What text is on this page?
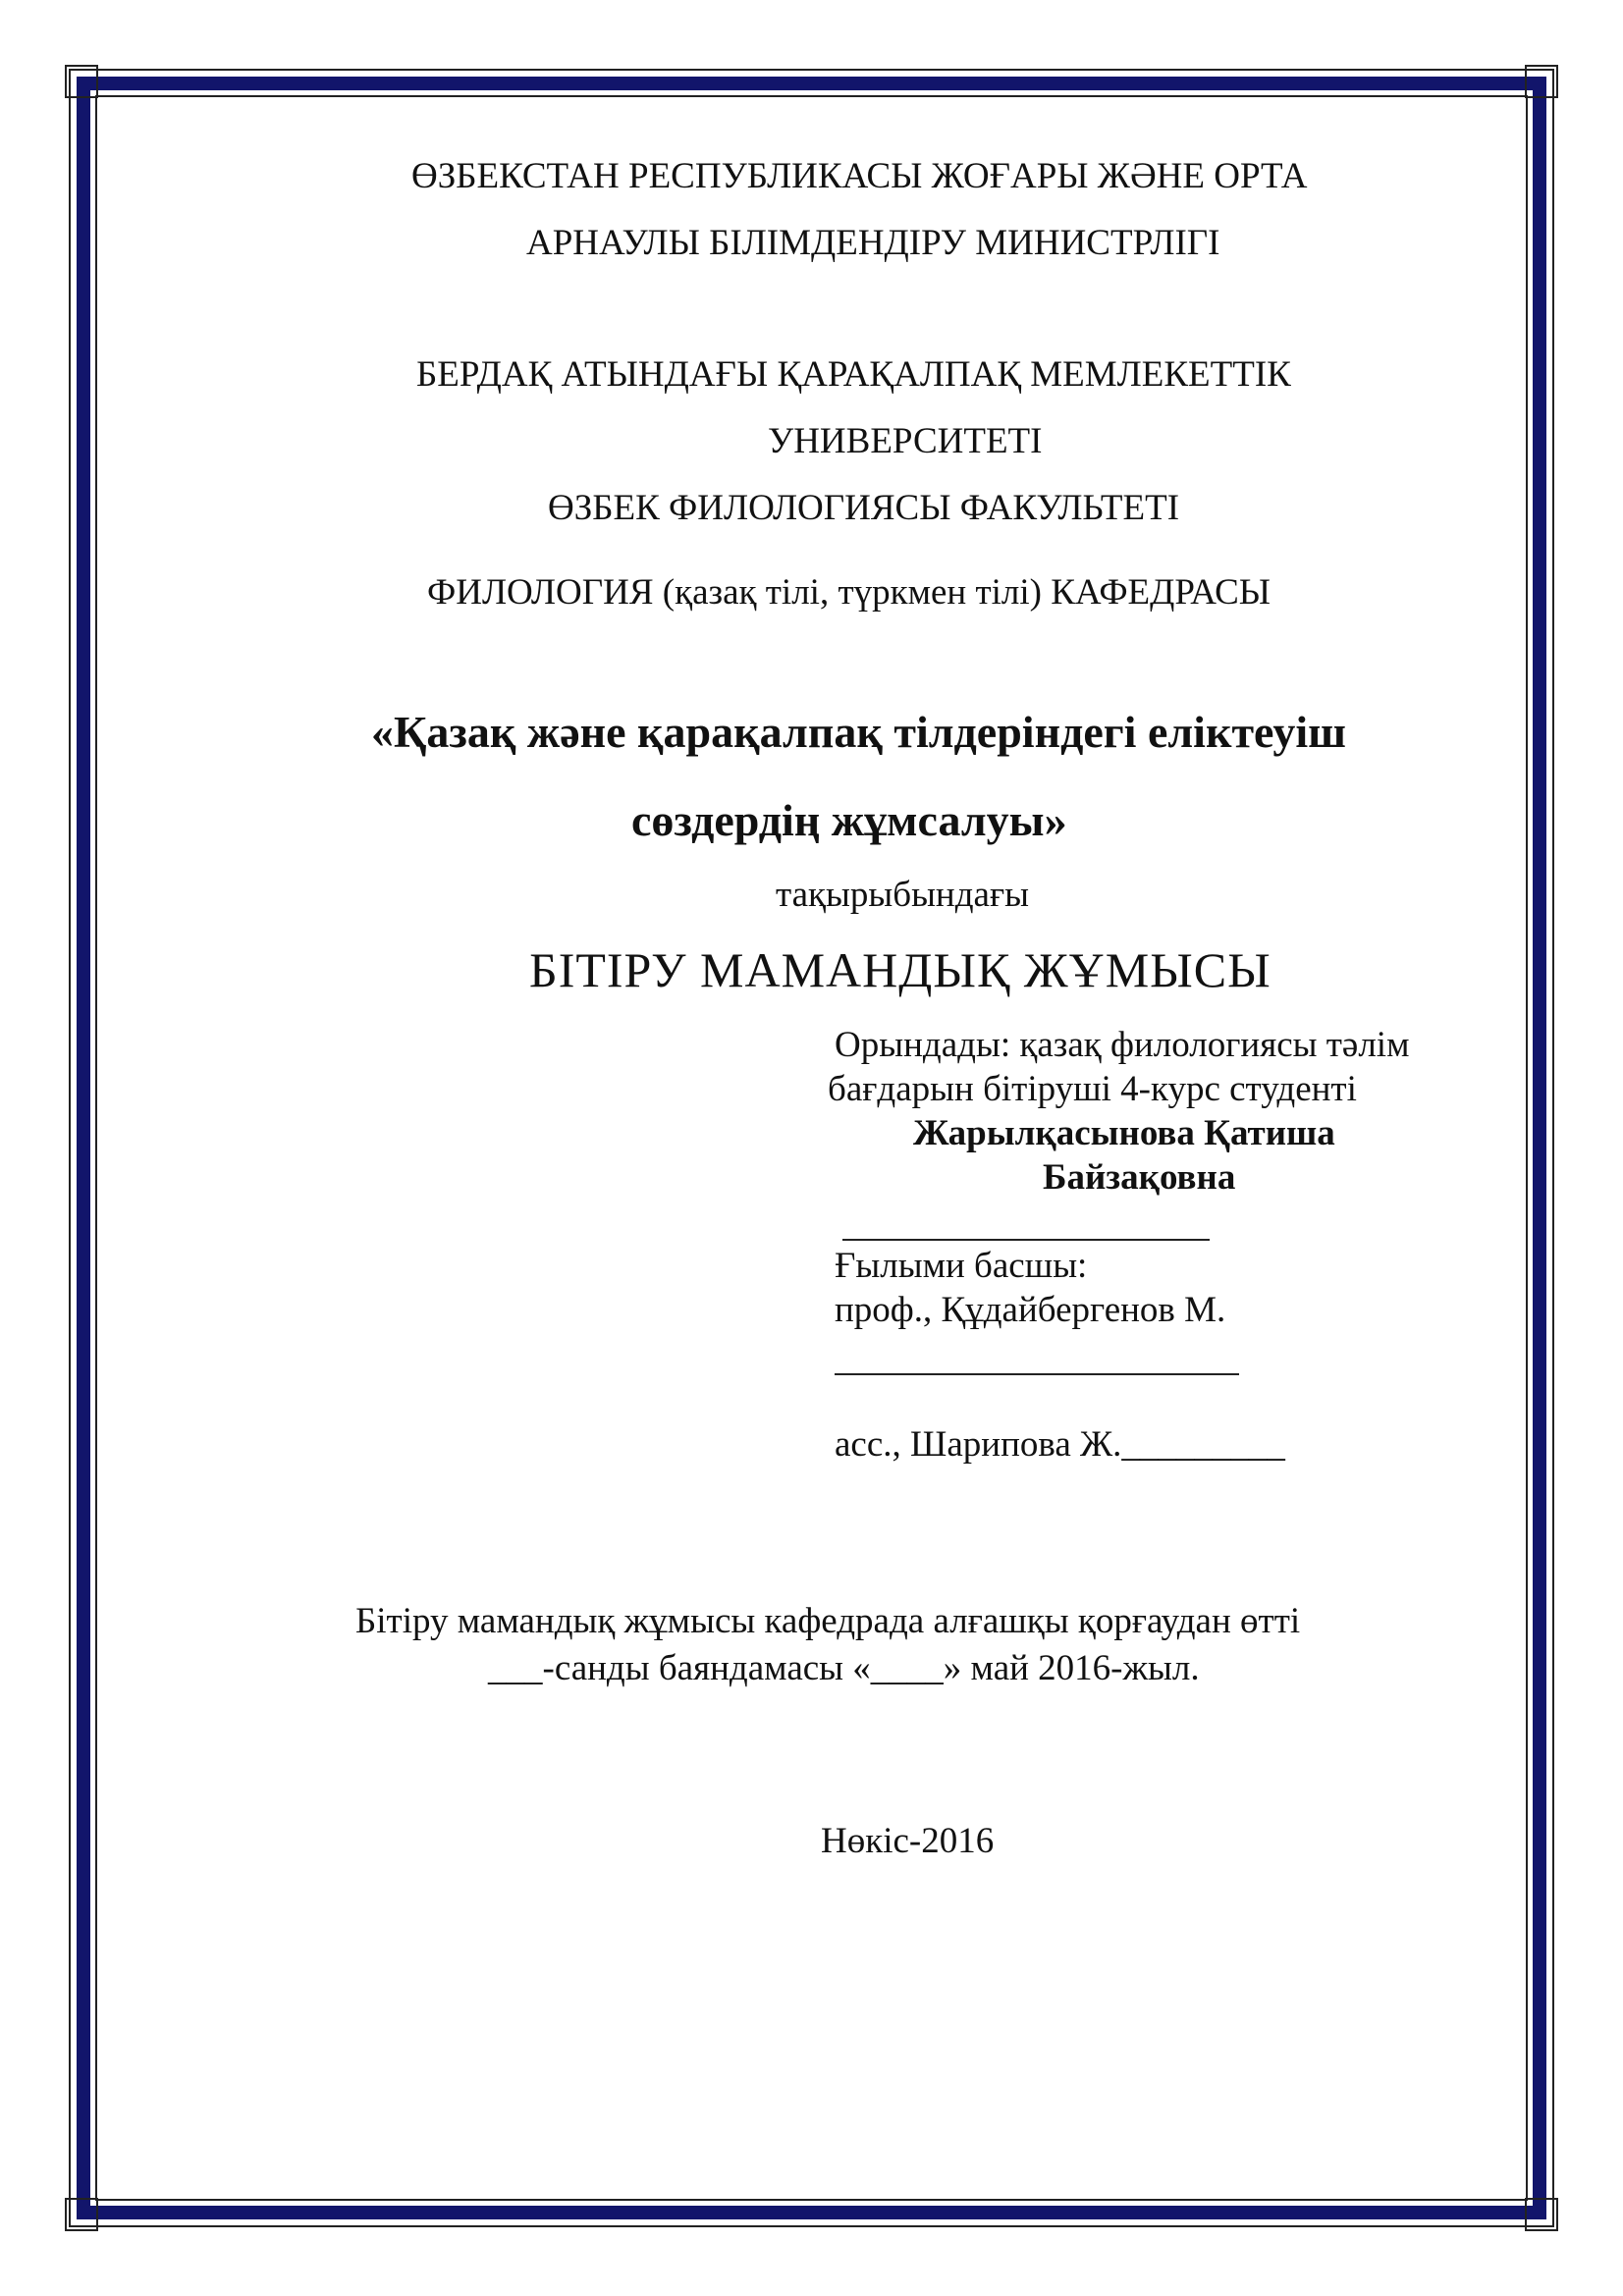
ӨЗБЕКСТАН РЕСПУБЛИКАСЫ ЖОҒАРЫ ЖӘНЕ ОРТА
АРНАУЛЫ БІЛІМДЕНДІРУ МИНИСТРЛІГІ
БЕРДАҚ АТЫНДАҒЫ ҚАРАҚАЛПАҚ МЕМЛЕКЕТТІК
УНИВЕРСИТЕТІ
ӨЗБЕК ФИЛОЛОГИЯСЫ ФАКУЛЬТЕТІ
ФИЛОЛОГИЯ (қазақ тілі, түркмен тілі) КАФЕДРАСЫ
«Қазақ және қарақалпақ тілдеріндегі еліктеуіш
сөздердің жұмсалуы»
тақырыбындағы
БІТІРУ МАМАНДЫҚ ЖҰМЫСЫ
Орындады: қазақ филологиясы тәлім
бағдарын бітіруші 4-курс студенті
Жарылқасынова Қатиша
Байзақовна
Ғылыми басшы:
проф., Құдайбергенов М.
асс., Шарипова Ж._________
Бітіру мамандық жұмысы кафедрада алғашқы қорғаудан өтті
___-санды баяндамасы «____» май 2016-жыл.
Нөкіс-2016
